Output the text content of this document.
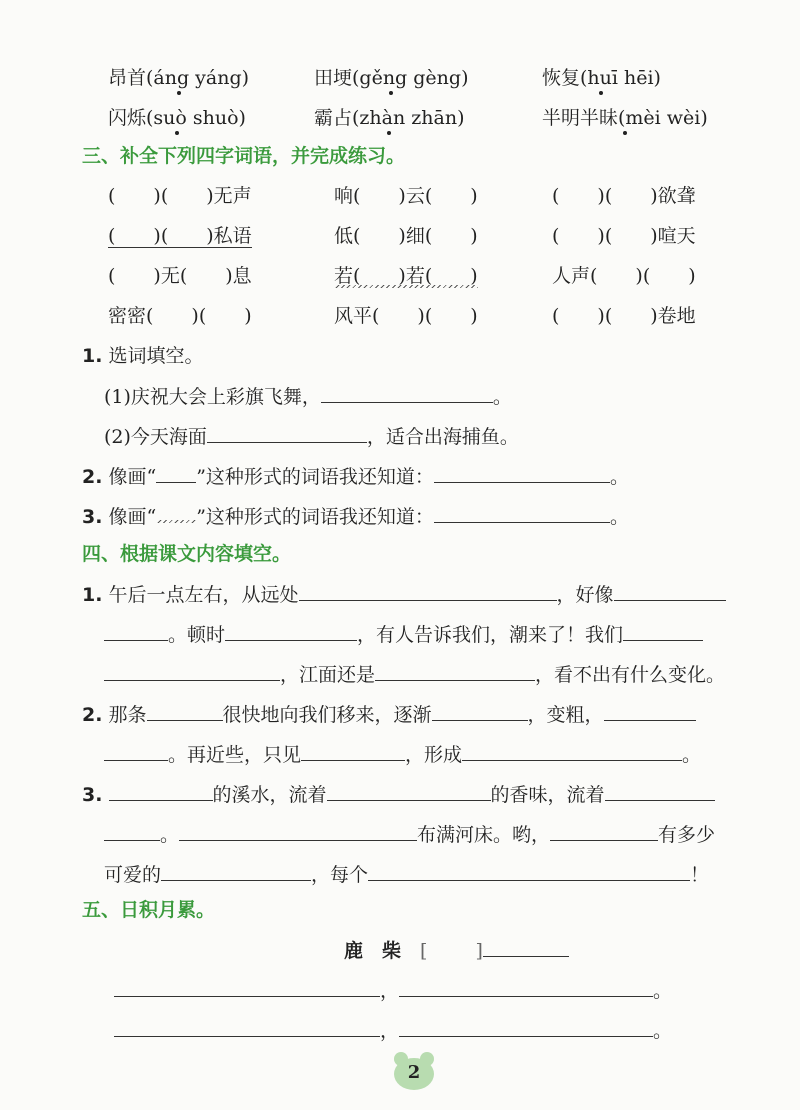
昂首(áng yáng)	田埂(gěng gèng)	恢复(huī hēi)
闪烁(suò shuò)	霸占(zhàn zhān)	半明半昧(mèi wèi)
三、补全下列四字词语，并完成练习。
(　　)(　　)无声	响(　　)云(　　)	(　　)(　　)欲聋
(　　)(　　)私语	低(　　)细(　　)	(　　)(　　)喧天
(　　)无(　　)息	若(　　)若(　　)	人声(　　)(　　)
密密(　　)(　　)	风平(　　)(　　)	(　　)(　　)卷地
1. 选词填空。
(1)庆祝大会上彩旗飞舞，	。
(2)今天海面	，适合出海捕鱼。
2. 像画“ ”这种形式的词语我还知道：	。
3. 像画“ ”这种形式的词语我还知道：	。
四、根据课文内容填空。
1. 午后一点左右，从远处	，好像
。顿时	，有人告诉我们，潮来了！我们
，江面还是	，看不出有什么变化。
2. 那条	很快地向我们移来，逐渐	，变粗，
。再近些，只见	，形成	。
3.	的溪水，流着	的香味，流着
。	布满河床。哟，	有多少
可爱的	，每个	！
五、日积月累。
鹿　柴　 [	]
，	。
，	。
2
